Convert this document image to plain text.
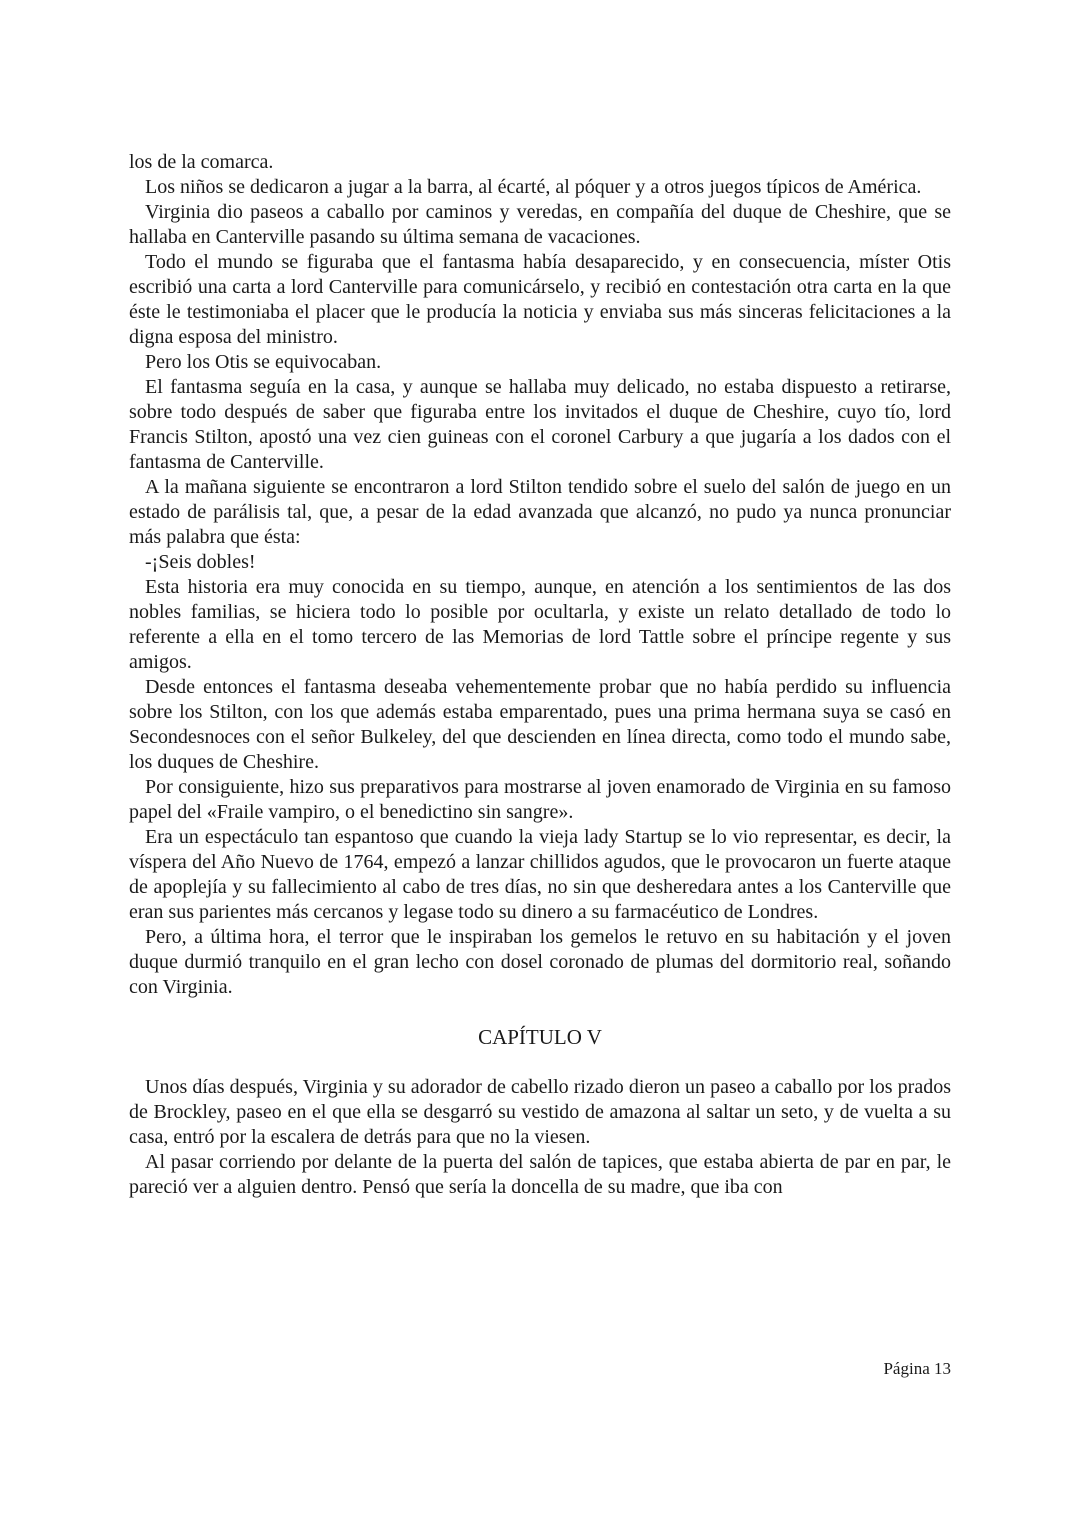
los de la comarca.

Los niños se dedicaron a jugar a la barra, al écarté, al póquer y a otros juegos típicos de América.

Virginia dio paseos a caballo por caminos y veredas, en compañía del duque de Cheshire, que se hallaba en Canterville pasando su última semana de vacaciones.

Todo el mundo se figuraba que el fantasma había desaparecido, y en consecuencia, míster Otis escribió una carta a lord Canterville para comunicárselo, y recibió en contestación otra carta en la que éste le testimoniaba el placer que le producía la noticia y enviaba sus más sinceras felicitaciones a la digna esposa del ministro.

Pero los Otis se equivocaban.

El fantasma seguía en la casa, y aunque se hallaba muy delicado, no estaba dispuesto a retirarse, sobre todo después de saber que figuraba entre los invitados el duque de Cheshire, cuyo tío, lord Francis Stilton, apostó una vez cien guineas con el coronel Carbury a que jugaría a los dados con el fantasma de Canterville.

A la mañana siguiente se encontraron a lord Stilton tendido sobre el suelo del salón de juego en un estado de parálisis tal, que, a pesar de la edad avanzada que alcanzó, no pudo ya nunca pronunciar más palabra que ésta:

-¡Seis dobles!

Esta historia era muy conocida en su tiempo, aunque, en atención a los sentimientos de las dos nobles familias, se hiciera todo lo posible por ocultarla, y existe un relato detallado de todo lo referente a ella en el tomo tercero de las Memorias de lord Tattle sobre el príncipe regente y sus amigos.

Desde entonces el fantasma deseaba vehementemente probar que no había perdido su influencia sobre los Stilton, con los que además estaba emparentado, pues una prima hermana suya se casó en Secondesnoces con el señor Bulkeley, del que descienden en línea directa, como todo el mundo sabe, los duques de Cheshire.

Por consiguiente, hizo sus preparativos para mostrarse al joven enamorado de Virginia en su famoso papel del «Fraile vampiro, o el benedictino sin sangre».

Era un espectáculo tan espantoso que cuando la vieja lady Startup se lo vio representar, es decir, la víspera del Año Nuevo de 1764, empezó a lanzar chillidos agudos, que le provocaron un fuerte ataque de apoplejía y su fallecimiento al cabo de tres días, no sin que desheredara antes a los Canterville que eran sus parientes más cercanos y legase todo su dinero a su farmacéutico de Londres.

Pero, a última hora, el terror que le inspiraban los gemelos le retuvo en su habitación y el joven duque durmió tranquilo en el gran lecho con dosel coronado de plumas del dormitorio real, soñando con Virginia.

CAPÍTULO V

Unos días después, Virginia y su adorador de cabello rizado dieron un paseo a caballo por los prados de Brockley, paseo en el que ella se desgarró su vestido de amazona al saltar un seto, y de vuelta a su casa, entró por la escalera de detrás para que no la viesen.

Al pasar corriendo por delante de la puerta del salón de tapices, que estaba abierta de par en par, le pareció ver a alguien dentro. Pensó que sería la doncella de su madre, que iba con

Página 13
